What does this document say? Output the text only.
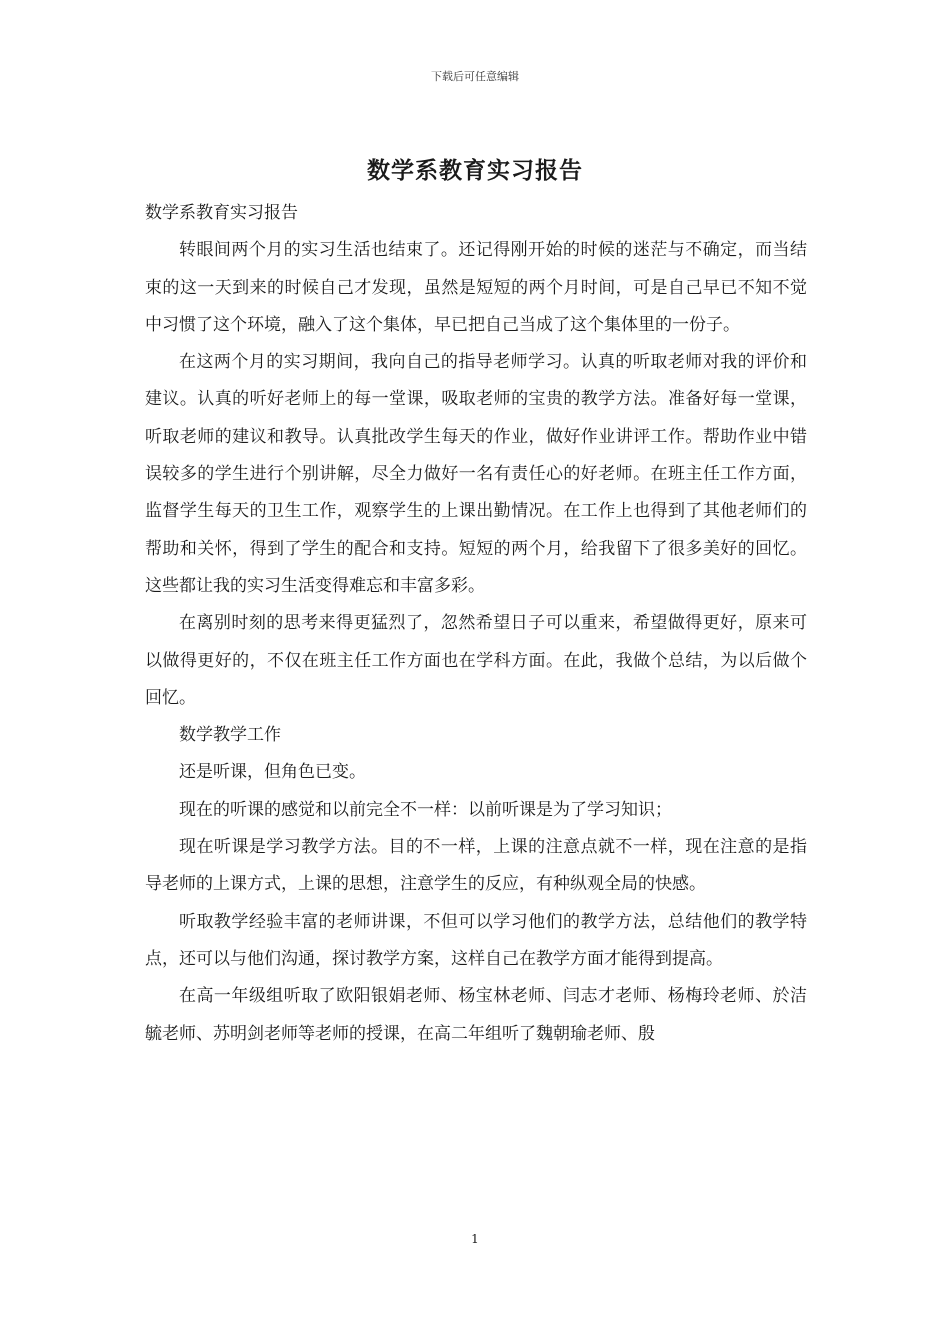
下载后可任意编辑
数学系教育实习报告

数学系教育实习报告

转眼间两个月的实习生活也结束了。还记得刚开始的时候的迷茫与不确定，而当结束的这一天到来的时候自己才发现，虽然是短短的两个月时间，可是自己早已不知不觉中习惯了这个环境，融入了这个集体，早已把自己当成了这个集体里的一份子。

在这两个月的实习期间，我向自己的指导老师学习。认真的听取老师对我的评价和建议。认真的听好老师上的每一堂课，吸取老师的宝贵的教学方法。准备好每一堂课，听取老师的建议和教导。认真批改学生每天的作业，做好作业讲评工作。帮助作业中错误较多的学生进行个别讲解，尽全力做好一名有责任心的好老师。在班主任工作方面，监督学生每天的卫生工作，观察学生的上课出勤情况。在工作上也得到了其他老师们的帮助和关怀，得到了学生的配合和支持。短短的两个月，给我留下了很多美好的回忆。这些都让我的实习生活变得难忘和丰富多彩。

在离别时刻的思考来得更猛烈了，忽然希望日子可以重来，希望做得更好，原来可以做得更好的，不仅在班主任工作方面也在学科方面。在此，我做个总结，为以后做个回忆。

数学教学工作

还是听课，但角色已变。

现在的听课的感觉和以前完全不一样：以前听课是为了学习知识；

现在听课是学习教学方法。目的不一样，上课的注意点就不一样，现在注意的是指导老师的上课方式，上课的思想，注意学生的反应，有种纵观全局的快感。

听取教学经验丰富的老师讲课，不但可以学习他们的教学方法，总结他们的教学特点，还可以与他们沟通，探讨教学方案，这样自己在教学方面才能得到提高。

在高一年级组听取了欧阳银娟老师、杨宝林老师、闫志才老师、杨梅玲老师、於洁毓老师、苏明剑老师等老师的授课，在高二年组听了魏朝瑜老师、殷

1
